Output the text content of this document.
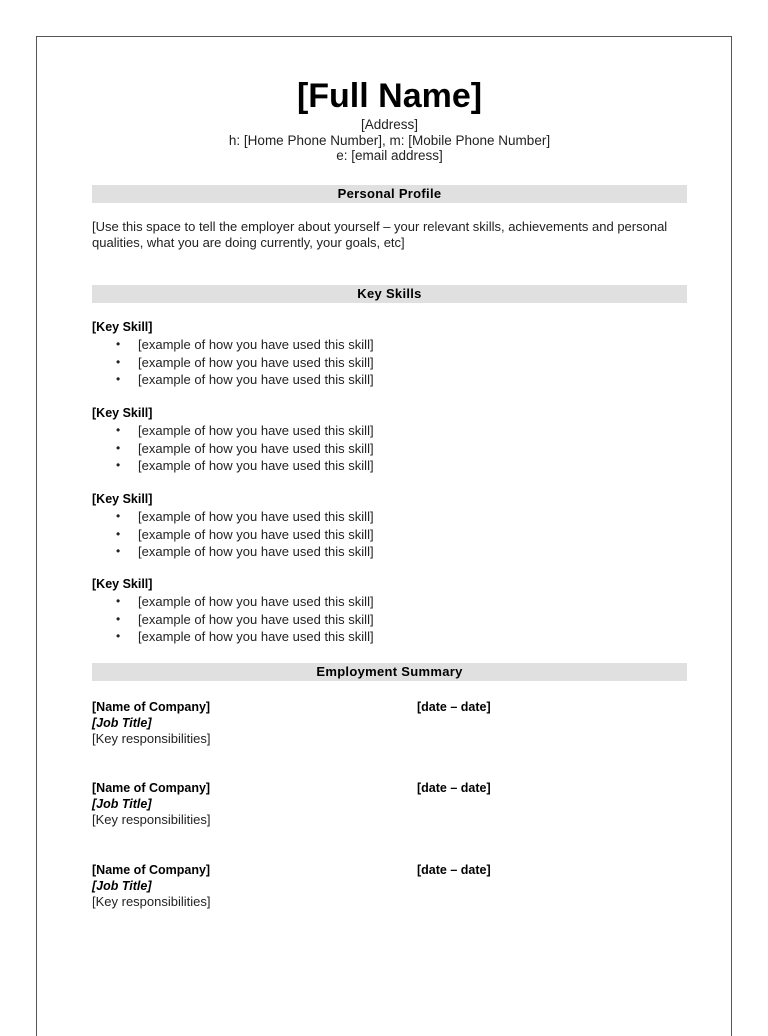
[Full Name]
[Address]
h: [Home Phone Number], m: [Mobile Phone Number]
e: [email address]
Personal Profile
[Use this space to tell the employer about yourself – your relevant skills, achievements and personal qualities, what you are doing currently, your goals, etc]
Key Skills
[Key Skill]
• [example of how you have used this skill]
• [example of how you have used this skill]
• [example of how you have used this skill]
[Key Skill]
• [example of how you have used this skill]
• [example of how you have used this skill]
• [example of how you have used this skill]
[Key Skill]
• [example of how you have used this skill]
• [example of how you have used this skill]
• [example of how you have used this skill]
[Key Skill]
• [example of how you have used this skill]
• [example of how you have used this skill]
• [example of how you have used this skill]
Employment Summary
[Name of Company]	[date – date]
[Job Title]
[Key responsibilities]
[Name of Company]	[date – date]
[Job Title]
[Key responsibilities]
[Name of Company]	[date – date]
[Job Title]
[Key responsibilities]
